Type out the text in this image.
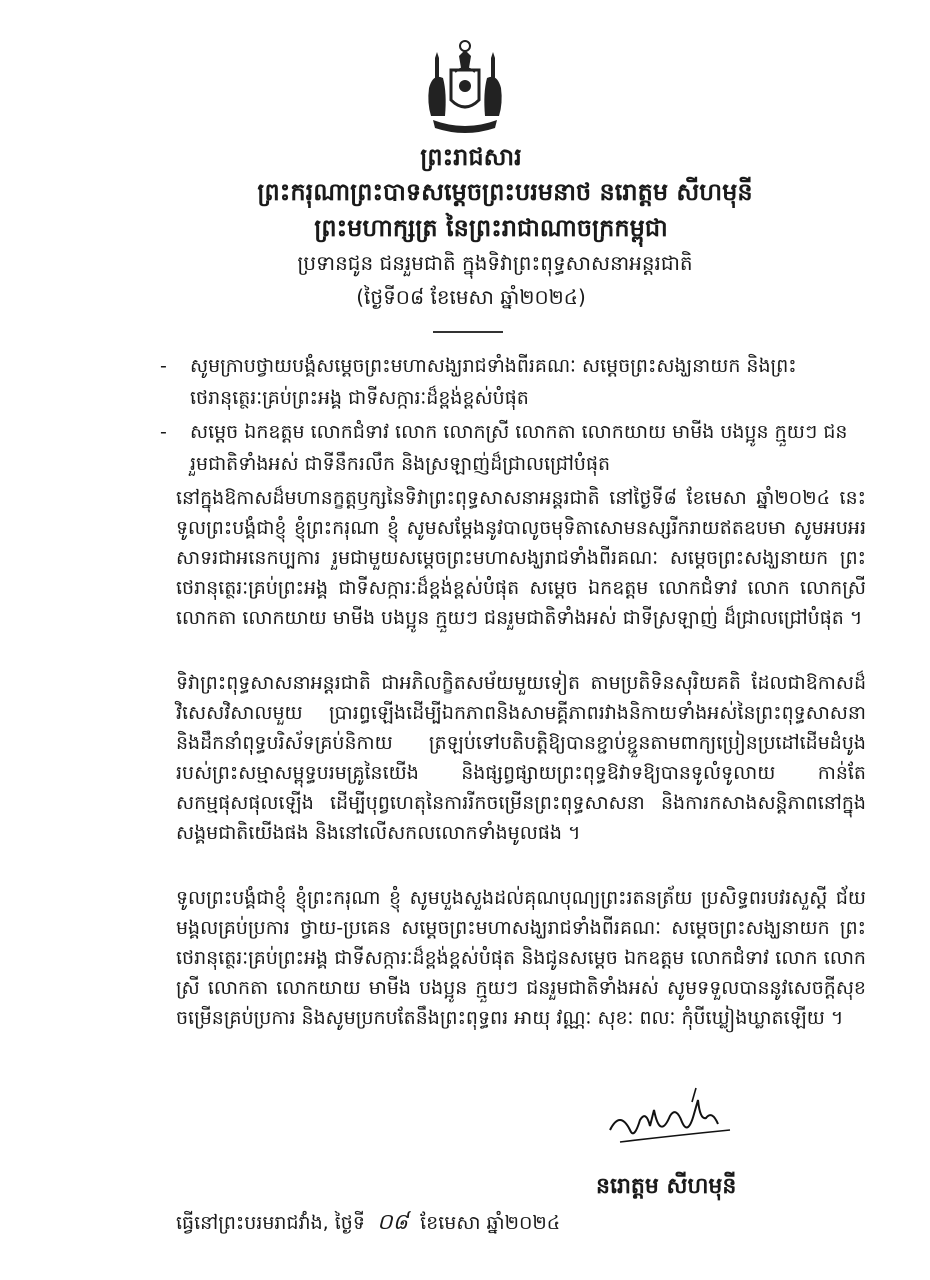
ព្រះរាជសារ
ព្រះករុណាព្រះបាទសម្តេចព្រះបរមនាថ នរោត្តម សីហមុនី
ព្រះមហាក្សត្រ នៃព្រះរាជាណាចក្រកម្ពុជា
ប្រទានជូន ជនរួមជាតិ ក្នុងទិវាព្រះពុទ្ធសាសនាអន្តរជាតិ
(ថ្ងៃទី០៨ ខែមេសា ឆ្នាំ២០២៤)
-	សូមក្រាបថ្វាយបង្គំសម្តេចព្រះមហាសង្ឃរាជទាំងពីរគណៈ សម្តេចព្រះសង្ឃនាយក និងព្រះថេរានុត្ថេរៈគ្រប់ព្រះអង្គ ជាទីសក្ការៈដ៏ខ្ពង់ខ្ពស់បំផុត
-	សម្តេច ឯកឧត្តម លោកជំទាវ លោក លោកស្រី លោកតា លោកយាយ មាមីង បងប្អូន ក្មួយៗ ជនរួមជាតិទាំងអស់ ជាទីនឹករលឹក និងស្រឡាញ់ដ៏ជ្រាលជ្រៅបំផុត
នៅក្នុងឱកាសដ៏មហានក្ខត្តឫក្សនៃទិវាព្រះពុទ្ធសាសនាអន្តរជាតិ នៅថ្ងៃទី៨ ខែមេសា ឆ្នាំ២០២៤ នេះ ទូលព្រះបង្គំជាខ្ញុំ ខ្ញុំព្រះករុណា ខ្ញុំ សូមសម្តែងនូវបាលូចមុទិតាសោមនស្សរីករាយឥតឧបមា សូមអបអរសាទរជាអនេកប្បការ រួមជាមួយសម្តេចព្រះមហាសង្ឃរាជទាំងពីរគណៈ សម្តេចព្រះសង្ឃនាយក ព្រះថេរានុត្ថេរៈគ្រប់ព្រះអង្គ ជាទីសក្ការៈដ៏ខ្ពង់ខ្ពស់បំផុត សម្តេច ឯកឧត្តម លោកជំទាវ លោក លោកស្រី លោកតា លោកយាយ មាមីង បងប្អូន ក្មួយៗ ជនរួមជាតិទាំងអស់ ជាទីស្រឡាញ់ ដ៏ជ្រាលជ្រៅបំផុត ។
ទិវាព្រះពុទ្ធសាសនាអន្តរជាតិ ជាអភិលក្ខិតសម័យមួយទៀត តាមប្រតិទិនសុរិយគតិ ដែលជាឱកាសដ៏វិសេសវិសាលមួយ ប្រារព្ធឡើងដើម្បីឯកភាពនិងសាមគ្គីភាពរវាងនិកាយទាំងអស់នៃព្រះពុទ្ធសាសនា និងដឹកនាំពុទ្ធបរិស័ទគ្រប់និកាយ ត្រឡប់ទៅបតិបត្តិឱ្យបានខ្ជាប់ខ្ជួនតាមពាក្យប្រៀនប្រដៅដើមដំបូងរបស់ព្រះសម្មាសម្ពុទ្ធបរមគ្រូនៃយើង និងផ្សព្វផ្សាយព្រះពុទ្ធឱវាទឱ្យបានទូលំទូលាយ កាន់តែសកម្មផុសផុលឡើង ដើម្បីបុព្វហេតុនៃការរីកចម្រើនព្រះពុទ្ធសាសនា និងការកសាងសន្តិភាពនៅក្នុងសង្គមជាតិយើងផង និងនៅលើសកលលោកទាំងមូលផង ។
ទូលព្រះបង្គំជាខ្ញុំ ខ្ញុំព្រះករុណា ខ្ញុំ សូមបួងសួងដល់គុណបុណ្យព្រះរតនត្រ័យ ប្រសិទ្ធពរបវរសួស្តី ជ័យមង្គលគ្រប់ប្រការ ថ្វាយ-ប្រគេន សម្តេចព្រះមហាសង្ឃរាជទាំងពីរគណៈ សម្តេចព្រះសង្ឃនាយក ព្រះថេរានុត្ថេរៈគ្រប់ព្រះអង្គ ជាទីសក្ការៈដ៏ខ្ពង់ខ្ពស់បំផុត និងជូនសម្តេច ឯកឧត្តម លោកជំទាវ លោក លោកស្រី លោកតា លោកយាយ មាមីង បងប្អូន ក្មួយៗ ជនរួមជាតិទាំងអស់ សូមទទួលបាននូវសេចក្តីសុខចម្រើនគ្រប់ប្រការ និងសូមប្រកបតែនឹងព្រះពុទ្ធពរ អាយុ វណ្ណៈ សុខៈ ពលៈ កុំបីឃ្លៀងឃ្លាតឡើយ ។
នរោត្តម សីហមុនី
ធ្វើនៅព្រះបរមរាជវាំង, ថ្ងៃទី ០៨ ខែមេសា ឆ្នាំ២០២៤
